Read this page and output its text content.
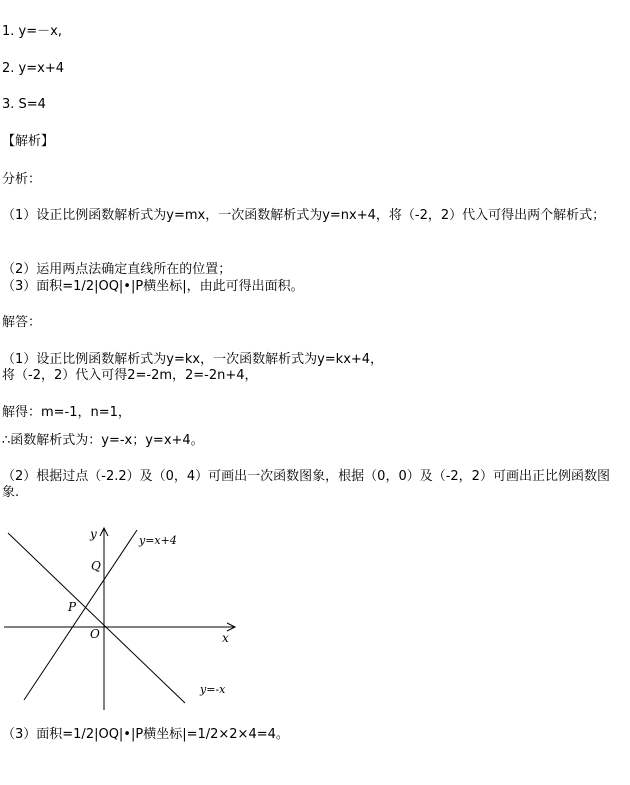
1. y=－x,
2. y=x+4
3. S=4
【解析】
分析：
（1）设正比例函数解析式为y=mx，一次函数解析式为y=nx+4，将（-2，2）代入可得出两个解析式；
（2）运用两点法确定直线所在的位置；
（3）面积=1/2|OQ|•|P横坐标|，由此可得出面积。
解答：
（1）设正比例函数解析式为y=kx，一次函数解析式为y=kx+4，
将（-2，2）代入可得2=-2m，2=-2n+4，
解得：m=-1，n=1，
∴函数解析式为：y=-x；y=x+4。
（2）根据过点（-2.2）及（0，4）可画出一次函数图象，根据（0，0）及（-2，2）可画出正比例函数图象.
y
x
O
P
Q
y=x+4
y=-x
（3）面积=1/2|OQ|•|P横坐标|=1/2×2×4=4。
